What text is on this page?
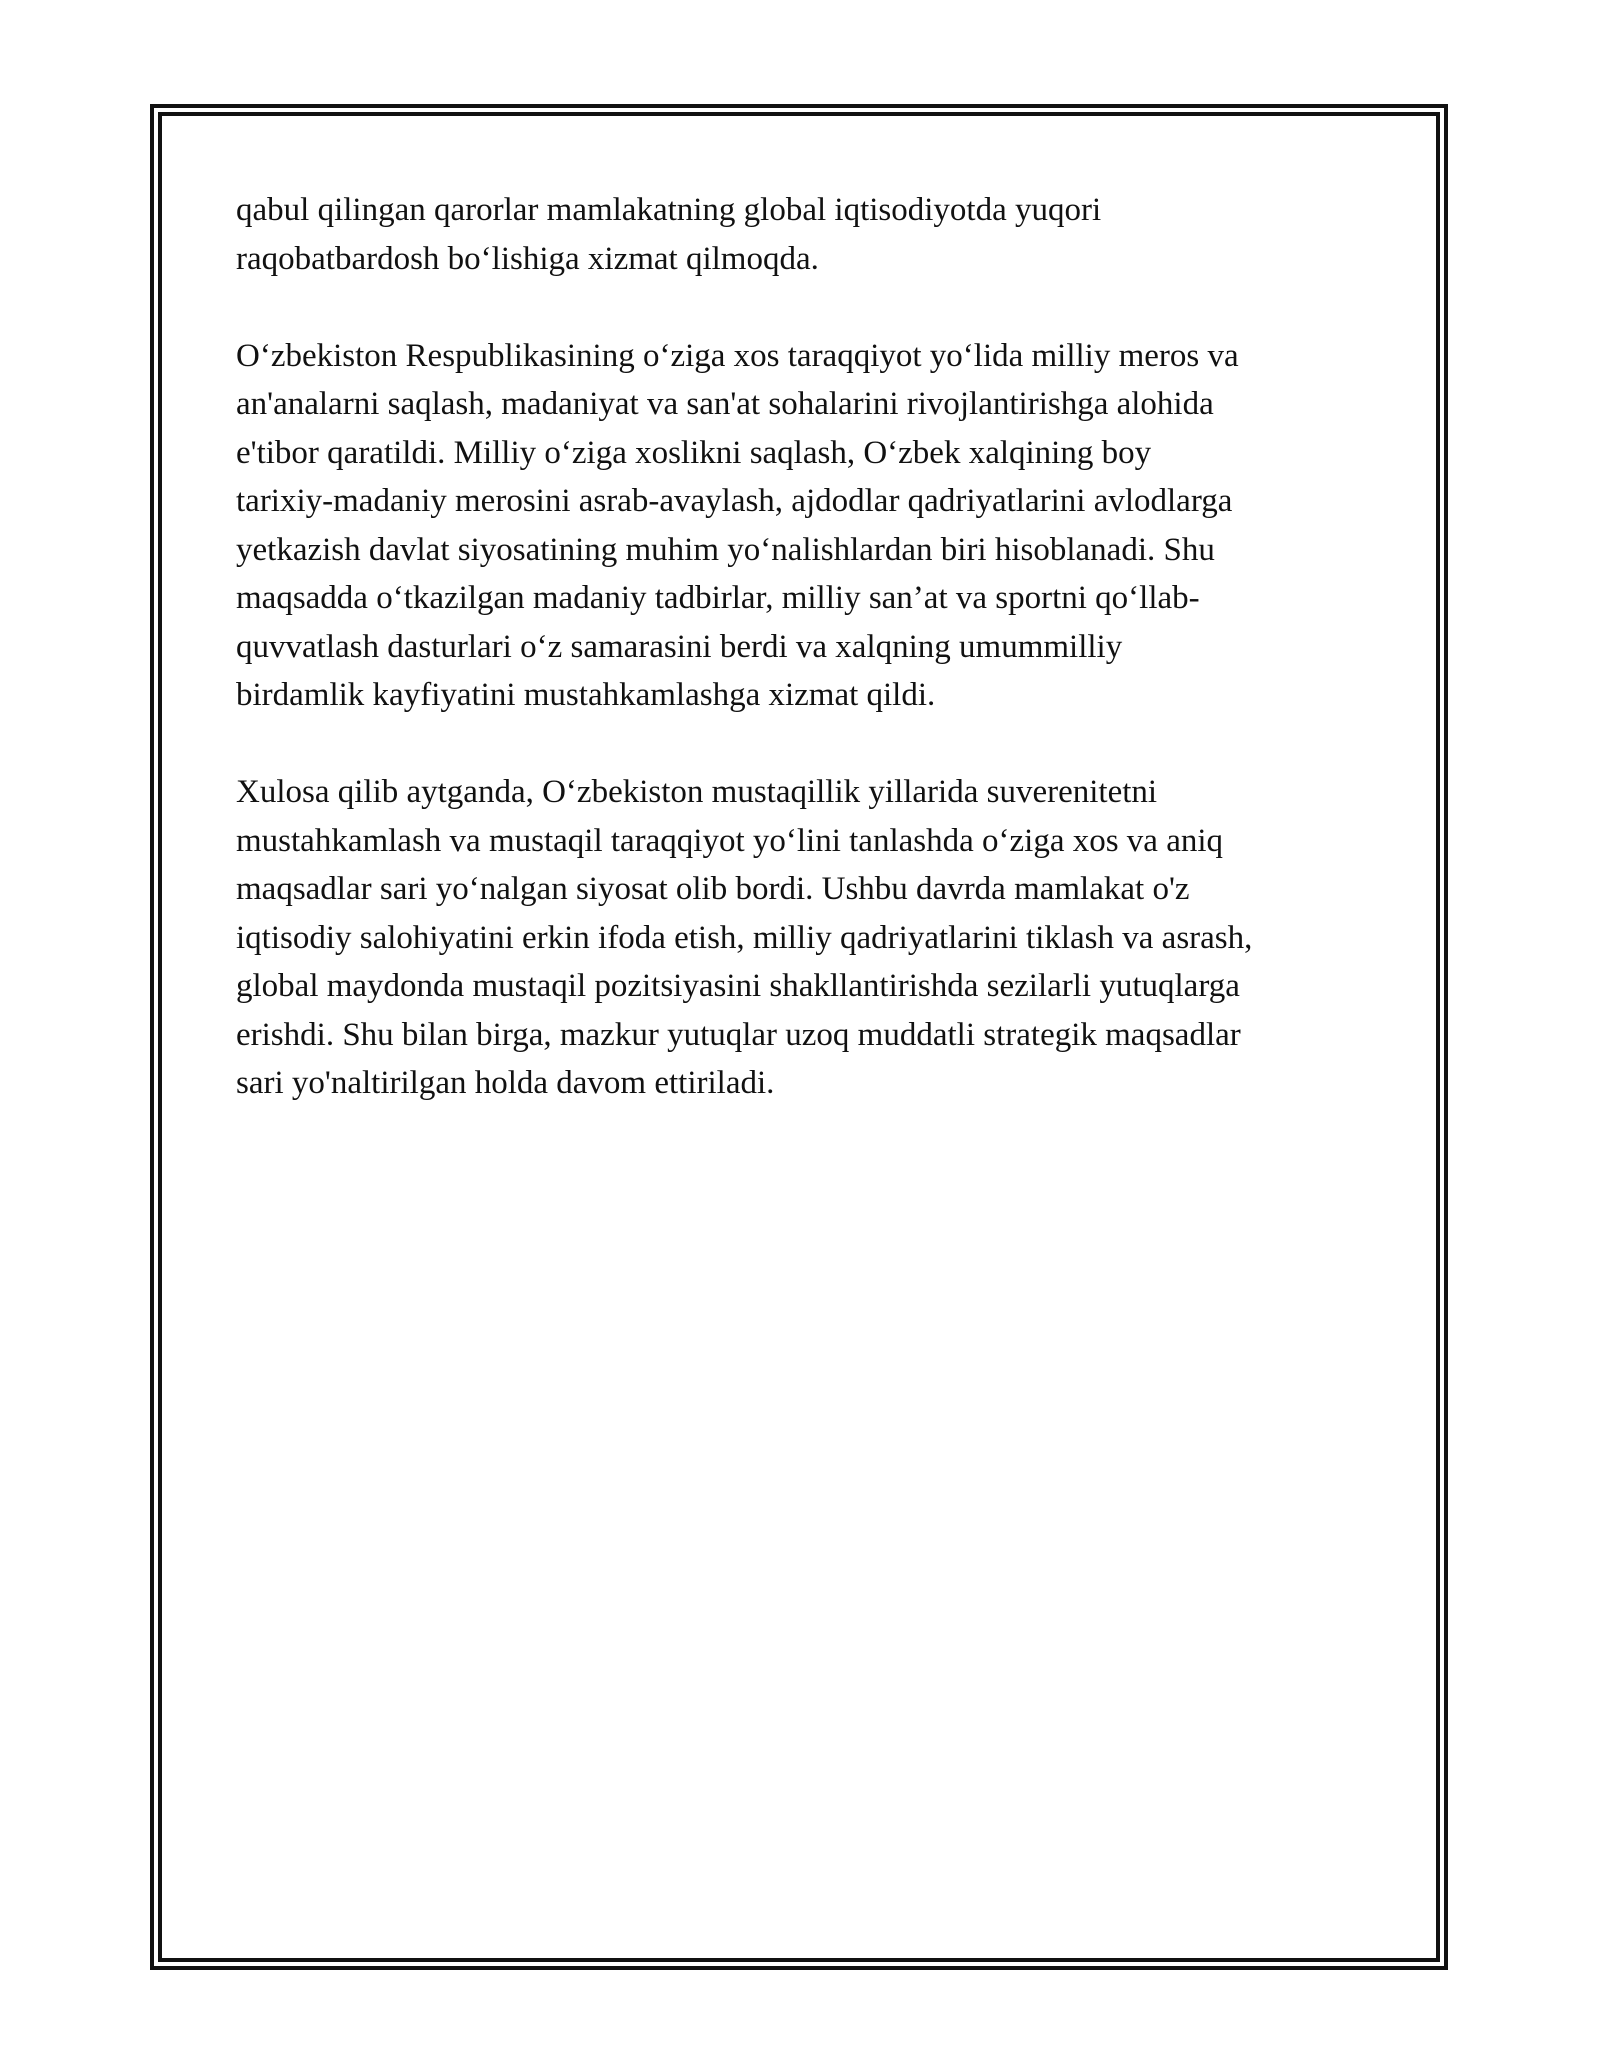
qabul qilingan qarorlar mamlakatning global iqtisodiyotda yuqori
raqobatbardosh boʻlishiga xizmat qilmoqda.

Oʻzbekiston Respublikasining oʻziga xos taraqqiyot yoʻlida milliy meros va
an'analarni saqlash, madaniyat va san'at sohalarini rivojlantirishga alohida
e'tibor qaratildi. Milliy oʻziga xoslikni saqlash, Oʻzbek xalqining boy
tarixiy-madaniy merosini asrab-avaylash, ajdodlar qadriyatlarini avlodlarga
yetkazish davlat siyosatining muhim yoʻnalishlardan biri hisoblanadi. Shu
maqsadda oʻtkazilgan madaniy tadbirlar, milliy san’at va sportni qoʻllab-
quvvatlash dasturlari oʻz samarasini berdi va xalqning umummilliy
birdamlik kayfiyatini mustahkamlashga xizmat qildi.

Xulosa qilib aytganda, Oʻzbekiston mustaqillik yillarida suverenitetni
mustahkamlash va mustaqil taraqqiyot yoʻlini tanlashda oʻziga xos va aniq
maqsadlar sari yoʻnalgan siyosat olib bordi. Ushbu davrda mamlakat o'z
iqtisodiy salohiyatini erkin ifoda etish, milliy qadriyatlarini tiklash va asrash,
global maydonda mustaqil pozitsiyasini shakllantirishda sezilarli yutuqlarga
erishdi. Shu bilan birga, mazkur yutuqlar uzoq muddatli strategik maqsadlar
sari yo'naltirilgan holda davom ettiriladi.
